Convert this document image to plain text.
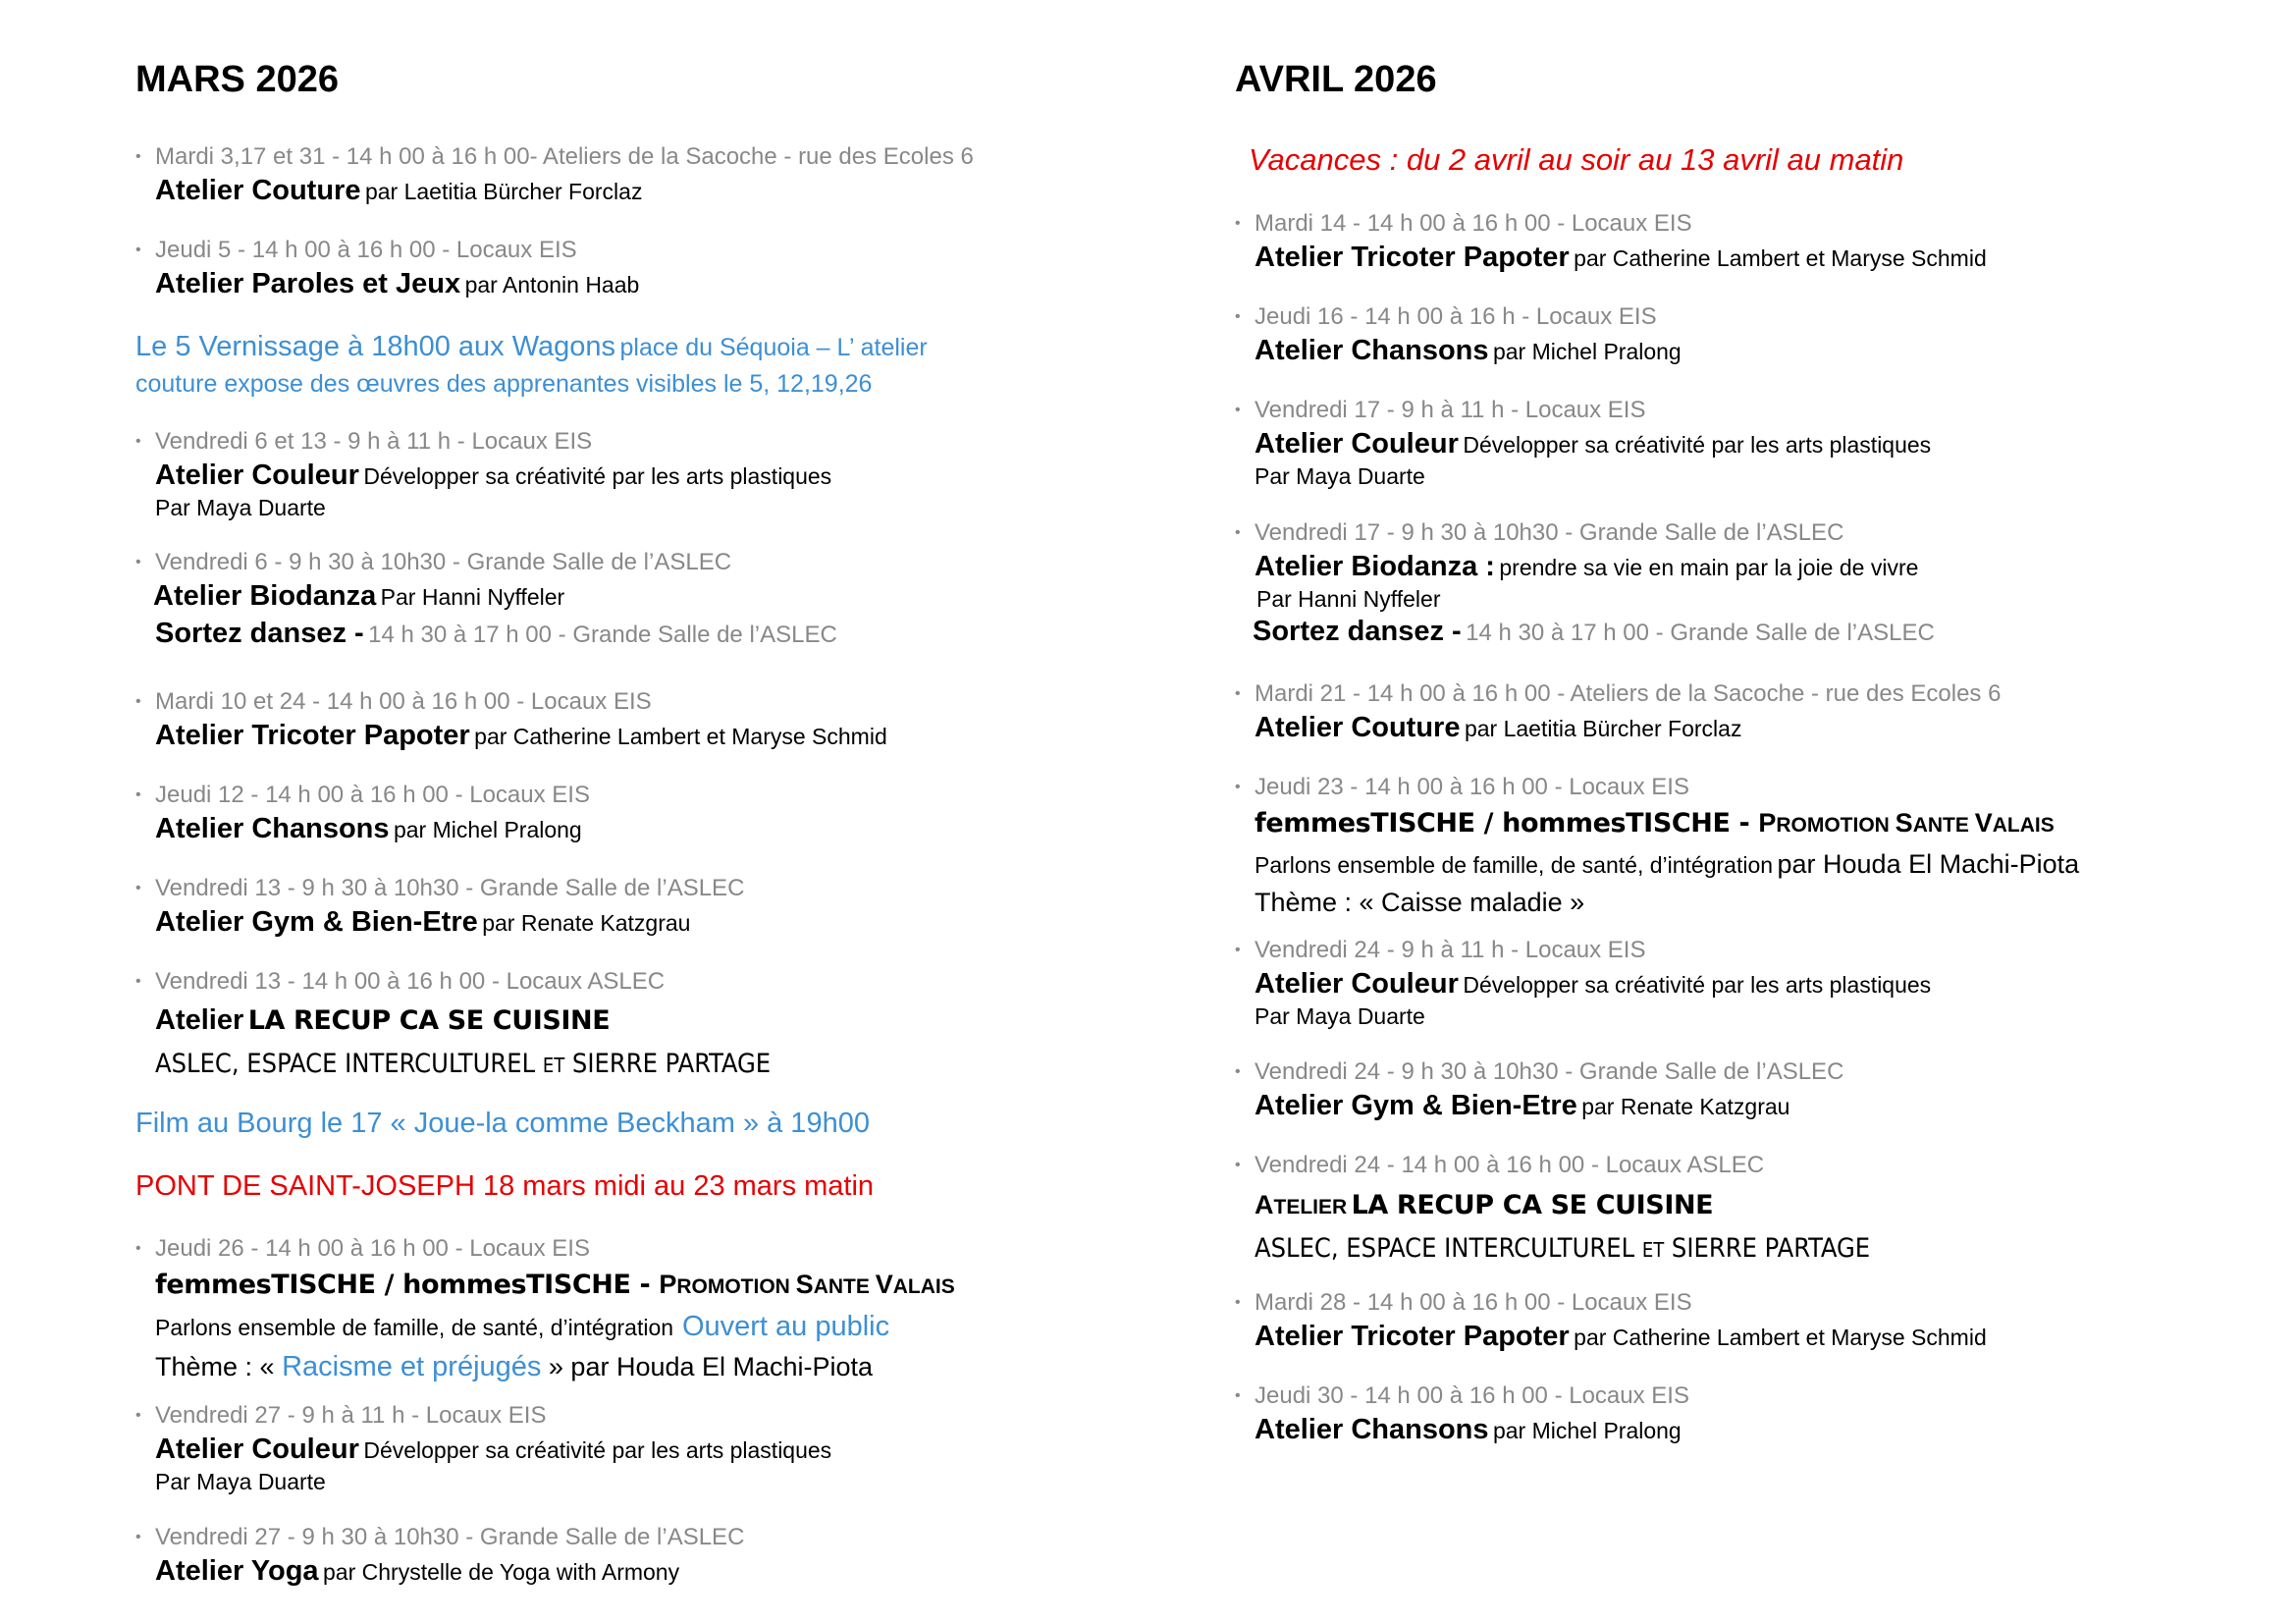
MARS 2026
• Mardi 3,17 et 31 - 14 h 00 à 16 h 00- Ateliers de la Sacoche - rue des Ecoles 6
Atelier Couture par Laetitia Bürcher Forclaz
• Jeudi 5 - 14 h 00 à 16 h 00 - Locaux EIS
Atelier Paroles et Jeux par Antonin Haab
Le 5 Vernissage à 18h00 aux Wagons place du Séquoia – L’ atelier
couture expose des œuvres des apprenantes visibles le 5, 12,19,26
• Vendredi 6 et 13 - 9 h à 11 h - Locaux EIS
Atelier Couleur Développer sa créativité par les arts plastiques
Par Maya Duarte
• Vendredi 6 - 9 h 30 à 10h30 - Grande Salle de l’ASLEC
Atelier Biodanza Par Hanni Nyffeler
Sortez dansez - 14 h 30 à 17 h 00 - Grande Salle de l’ASLEC
• Mardi 10 et 24 - 14 h 00 à 16 h 00 - Locaux EIS
Atelier Tricoter Papoter par Catherine Lambert et Maryse Schmid
• Jeudi 12 - 14 h 00 à 16 h 00 - Locaux EIS
Atelier Chansons par Michel Pralong
• Vendredi 13 - 9 h 30 à 10h30 - Grande Salle de l’ASLEC
Atelier Gym & Bien-Etre par Renate Katzgrau
• Vendredi 13 - 14 h 00 à 16 h 00 - Locaux ASLEC
Atelier LA RECUP CA SE CUISINE
ASLEC, ESPACE INTERCULTUREL ET SIERRE PARTAGE
Film au Bourg le 17 « Joue-la comme Beckham » à 19h00
PONT DE SAINT-JOSEPH 18 mars midi au 23 mars matin
• Jeudi 26 - 14 h 00 à 16 h 00 - Locaux EIS
femmesTISCHE / hommesTISCHE - PROMOTION SANTE VALAIS
Parlons ensemble de famille, de santé, d’intégration Ouvert au public
Thème : « Racisme et préjugés » par Houda El Machi-Piota
• Vendredi 27 - 9 h à 11 h - Locaux EIS
Atelier Couleur Développer sa créativité par les arts plastiques
Par Maya Duarte
• Vendredi 27 - 9 h 30 à 10h30 - Grande Salle de l’ASLEC
Atelier Yoga par Chrystelle de Yoga with Armony
AVRIL 2026
Vacances : du 2 avril au soir au 13 avril au matin
• Mardi 14 - 14 h 00 à 16 h 00 - Locaux EIS
Atelier Tricoter Papoter par Catherine Lambert et Maryse Schmid
• Jeudi 16 - 14 h 00 à 16 h - Locaux EIS
Atelier Chansons par Michel Pralong
• Vendredi 17 - 9 h à 11 h - Locaux EIS
Atelier Couleur Développer sa créativité par les arts plastiques
Par Maya Duarte
• Vendredi 17 - 9 h 30 à 10h30 - Grande Salle de l’ASLEC
Atelier Biodanza : prendre sa vie en main par la joie de vivre
Par Hanni Nyffeler
Sortez dansez - 14 h 30 à 17 h 00 - Grande Salle de l’ASLEC
• Mardi 21 - 14 h 00 à 16 h 00 - Ateliers de la Sacoche - rue des Ecoles 6
Atelier Couture par Laetitia Bürcher Forclaz
• Jeudi 23 - 14 h 00 à 16 h 00 - Locaux EIS
femmesTISCHE / hommesTISCHE - PROMOTION SANTE VALAIS
Parlons ensemble de famille, de santé, d’intégration par Houda El Machi-Piota
Thème : « Caisse maladie »
• Vendredi 24 - 9 h à 11 h - Locaux EIS
Atelier Couleur Développer sa créativité par les arts plastiques
Par Maya Duarte
• Vendredi 24 - 9 h 30 à 10h30 - Grande Salle de l’ASLEC
Atelier Gym & Bien-Etre par Renate Katzgrau
• Vendredi 24 - 14 h 00 à 16 h 00 - Locaux ASLEC
ATELIER LA RECUP CA SE CUISINE
ASLEC, ESPACE INTERCULTUREL ET SIERRE PARTAGE
• Mardi 28 - 14 h 00 à 16 h 00 - Locaux EIS
Atelier Tricoter Papoter par Catherine Lambert et Maryse Schmid
• Jeudi 30 - 14 h 00 à 16 h 00 - Locaux EIS
Atelier Chansons par Michel Pralong
